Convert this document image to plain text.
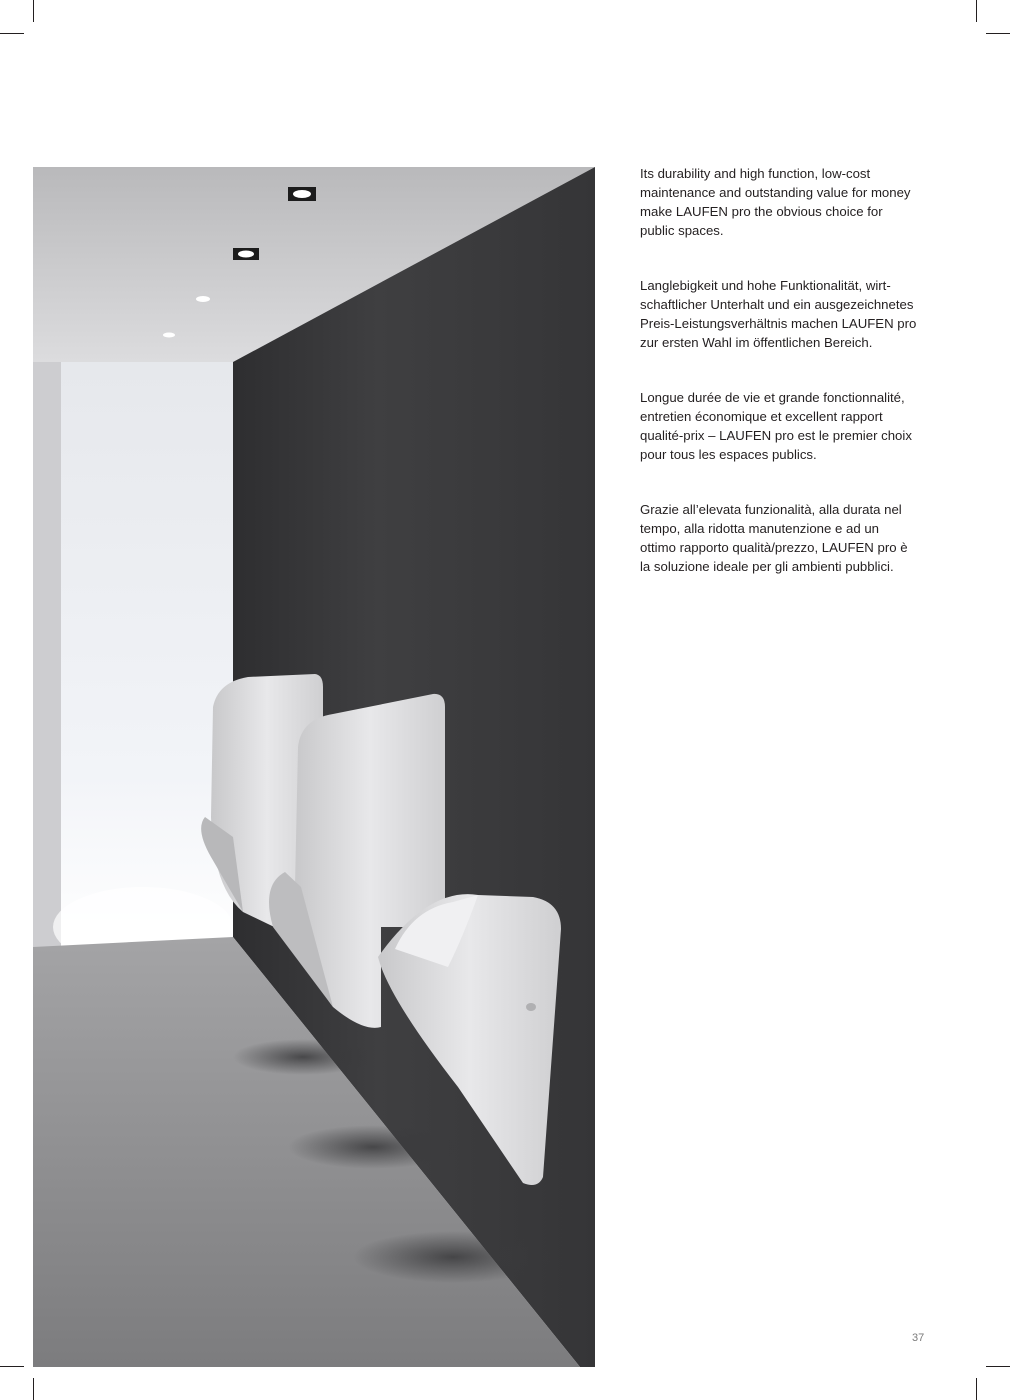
Its durability and high function, low-cost
maintenance and outstanding value for money
make LAUFEN pro the obvious choice for
public spaces.

Langlebigkeit und hohe Funktionalität, wirt-
schaftlicher Unterhalt und ein ausgezeichnetes
Preis-Leistungsverhältnis machen LAUFEN pro
zur ersten Wahl im öffentlichen Bereich.

Longue durée de vie et grande fonctionnalité,
entretien économique et excellent rapport
qualité-prix – LAUFEN pro est le premier choix
pour tous les espaces publics.

Grazie all’elevata funzionalità, alla durata nel
tempo, alla ridotta manutenzione e ad un
ottimo rapporto qualità/prezzo, LAUFEN pro è
la soluzione ideale per gli ambienti pubblici.

37
